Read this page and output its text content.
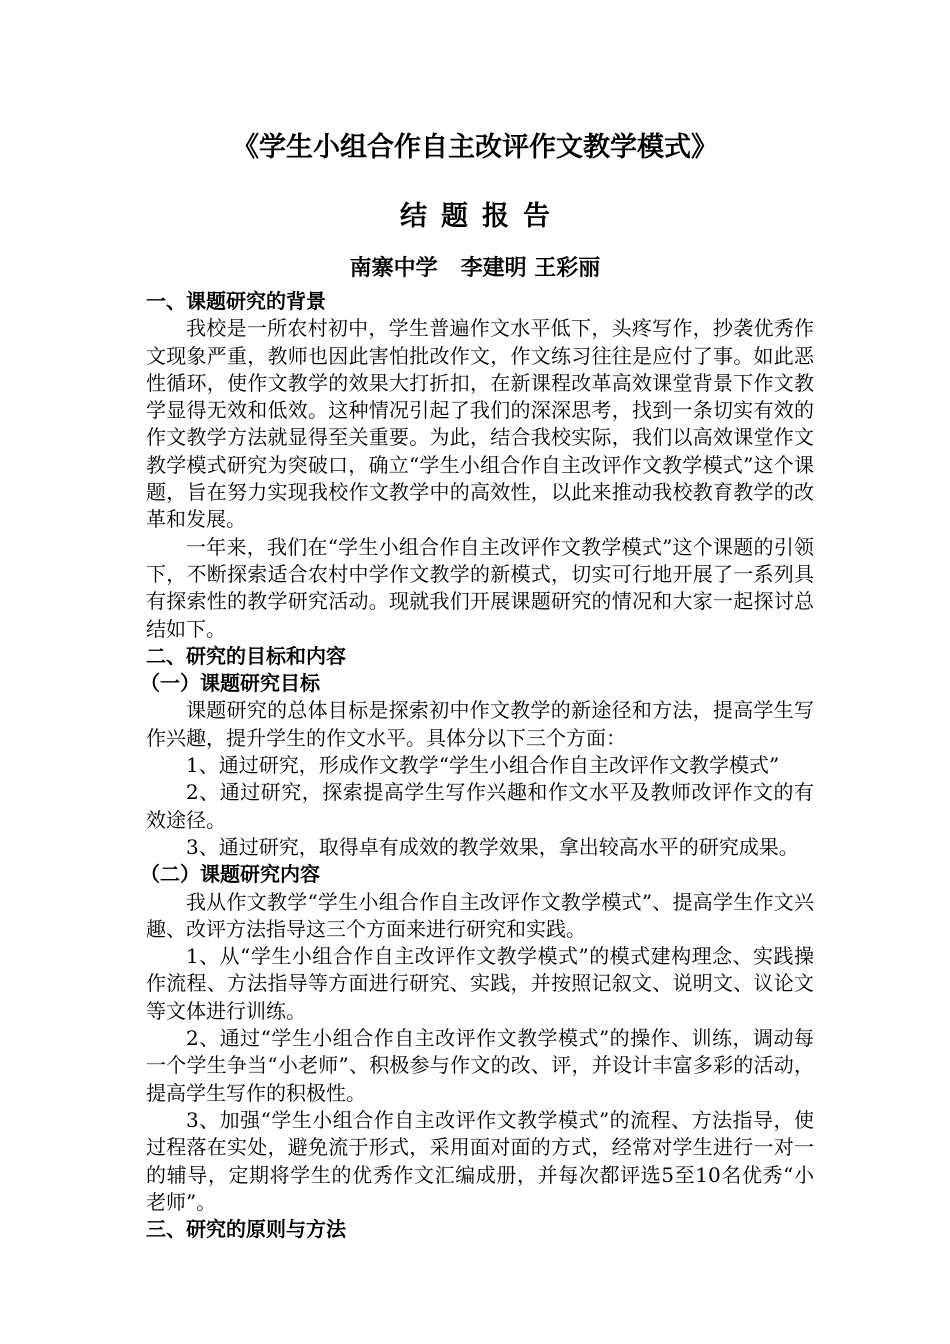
《学生小组合作自主改评作文教学模式》
结题报告
南寨中学   李建明 王彩丽
一、课题研究的背景

我校是一所农村初中，学生普遍作文水平低下，头疼写作，抄袭优秀作文现象严重，教师也因此害怕批改作文，作文练习往往是应付了事。如此恶性循环，使作文教学的效果大打折扣，在新课程改革高效课堂背景下作文教学显得无效和低效。这种情况引起了我们的深深思考，找到一条切实有效的作文教学方法就显得至关重要。为此，结合我校实际，我们以高效课堂作文教学模式研究为突破口，确立“学生小组合作自主改评作文教学模式”这个课题，旨在努力实现我校作文教学中的高效性，以此来推动我校教育教学的改革和发展。

一年来，我们在“学生小组合作自主改评作文教学模式”这个课题的引领下，不断探索适合农村中学作文教学的新模式，切实可行地开展了一系列具有探索性的教学研究活动。现就我们开展课题研究的情况和大家一起探讨总结如下。

二、研究的目标和内容
（一）课题研究目标

课题研究的总体目标是探索初中作文教学的新途径和方法，提高学生写作兴趣，提升学生的作文水平。具体分以下三个方面：

1、通过研究，形成作文教学“学生小组合作自主改评作文教学模式”

2、通过研究，探索提高学生写作兴趣和作文水平及教师改评作文的有效途径。

3、通过研究，取得卓有成效的教学效果，拿出较高水平的研究成果。

（二）课题研究内容

我从作文教学“学生小组合作自主改评作文教学模式”、提高学生作文兴趣、改评方法指导这三个方面来进行研究和实践。

1、从“学生小组合作自主改评作文教学模式”的模式建构理念、实践操作流程、方法指导等方面进行研究、实践，并按照记叙文、说明文、议论文等文体进行训练。

2、通过“学生小组合作自主改评作文教学模式”的操作、训练，调动每一个学生争当“小老师”、积极参与作文的改、评，并设计丰富多彩的活动，提高学生写作的积极性。

3、加强“学生小组合作自主改评作文教学模式”的流程、方法指导，使过程落在实处，避免流于形式，采用面对面的方式，经常对学生进行一对一的辅导，定期将学生的优秀作文汇编成册，并每次都评选5至10名优秀“小老师”。

三、研究的原则与方法
